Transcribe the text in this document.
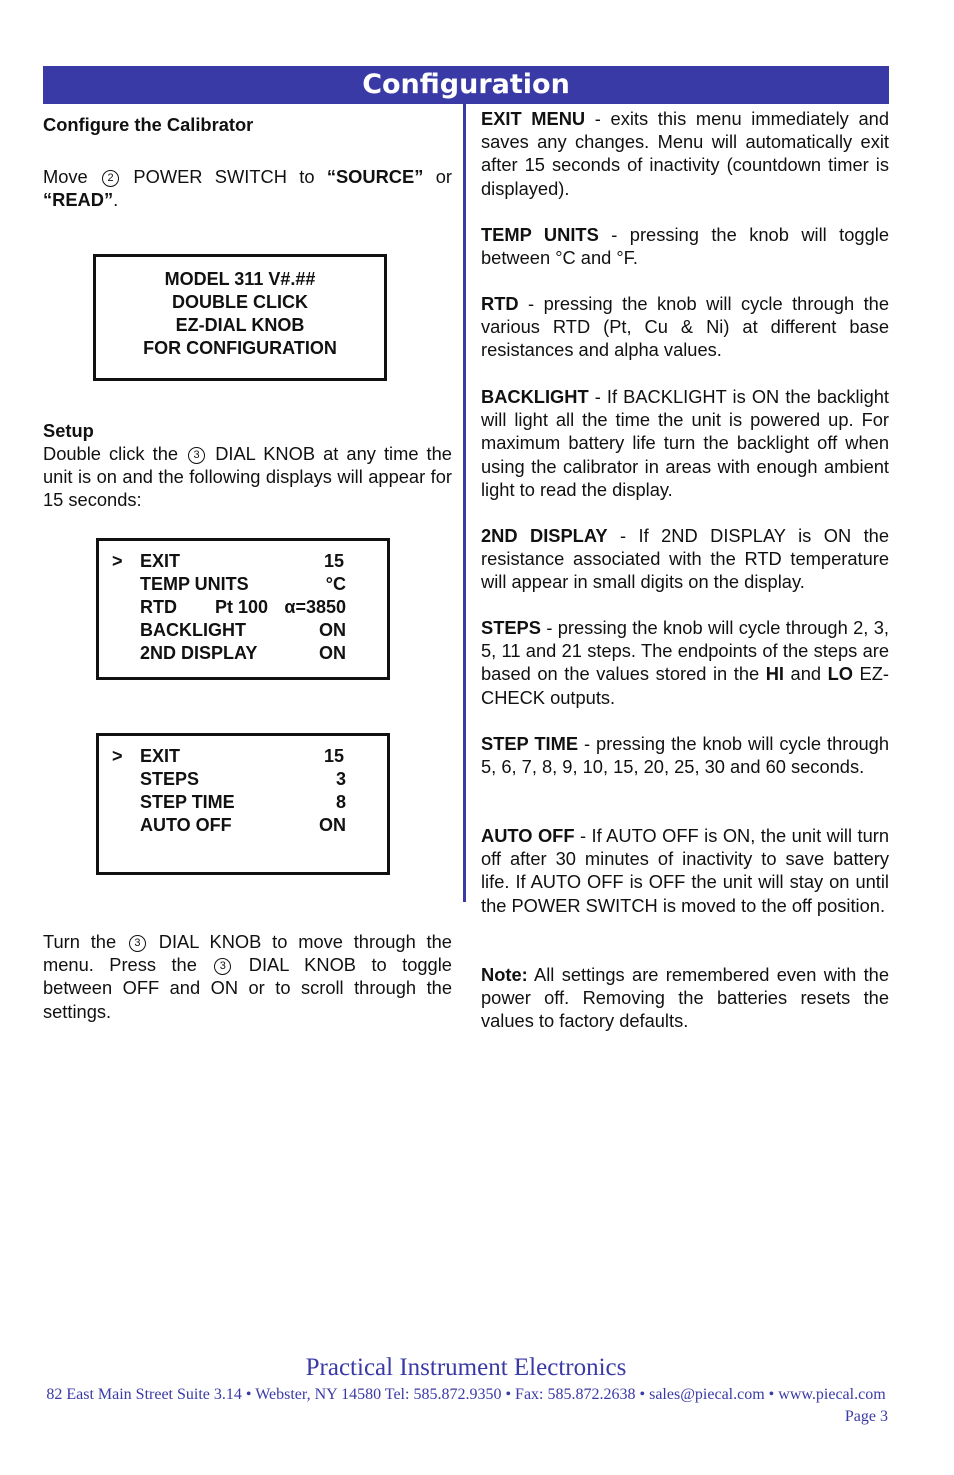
Configuration
Configure the Calibrator

Move 2 POWER SWITCH to “SOURCE” or “READ”.

MODEL 311 V#.##
DOUBLE CLICK
EZ-DIAL KNOB
FOR CONFIGURATION
Setup

Double click the 3 DIAL KNOB at any time the unit is on and the following displays will appear for 15 seconds:

> EXIT	15
TEMP UNITS	°C
RTD Pt 100 α=3850
BACKLIGHT	ON
2ND DISPLAY	ON
> EXIT	15
STEPS	3
STEP TIME	8
AUTO OFF	ON

Turn the 3 DIAL KNOB to move through the menu. Press the 3 DIAL KNOB to toggle between OFF and ON or to scroll through the settings.

EXIT MENU - exits this menu immediately and saves any changes. Menu will automatically exit after 15 seconds of inactivity (countdown timer is displayed).

TEMP UNITS - pressing the knob will toggle between °C and °F.

RTD - pressing the knob will cycle through the various RTD (Pt, Cu & Ni) at different base resistances and alpha values.

BACKLIGHT - If BACKLIGHT is ON the backlight will light all the time the unit is powered up. For maximum battery life turn the backlight off when using the calibrator in areas with enough ambient light to read the display.

2ND DISPLAY - If 2ND DISPLAY is ON the resistance associated with the RTD temperature will appear in small digits on the display.

STEPS - pressing the knob will cycle through 2, 3, 5, 11 and 21 steps. The endpoints of the steps are based on the values stored in the HI and LO EZ-CHECK outputs.

STEP TIME - pressing the knob will cycle through 5, 6, 7, 8, 9, 10, 15, 20, 25, 30 and 60 seconds.

AUTO OFF - If AUTO OFF is ON, the unit will turn off after 30 minutes of inactivity to save battery life. If AUTO OFF is OFF the unit will stay on until the POWER SWITCH is moved to the off position.

Note: All settings are remembered even with the power off. Removing the batteries resets the values to factory defaults.

Practical Instrument Electronics
82 East Main Street Suite 3.14 • Webster, NY 14580 Tel: 585.872.9350 • Fax: 585.872.2638 • sales@piecal.com • www.piecal.com
Page 3
